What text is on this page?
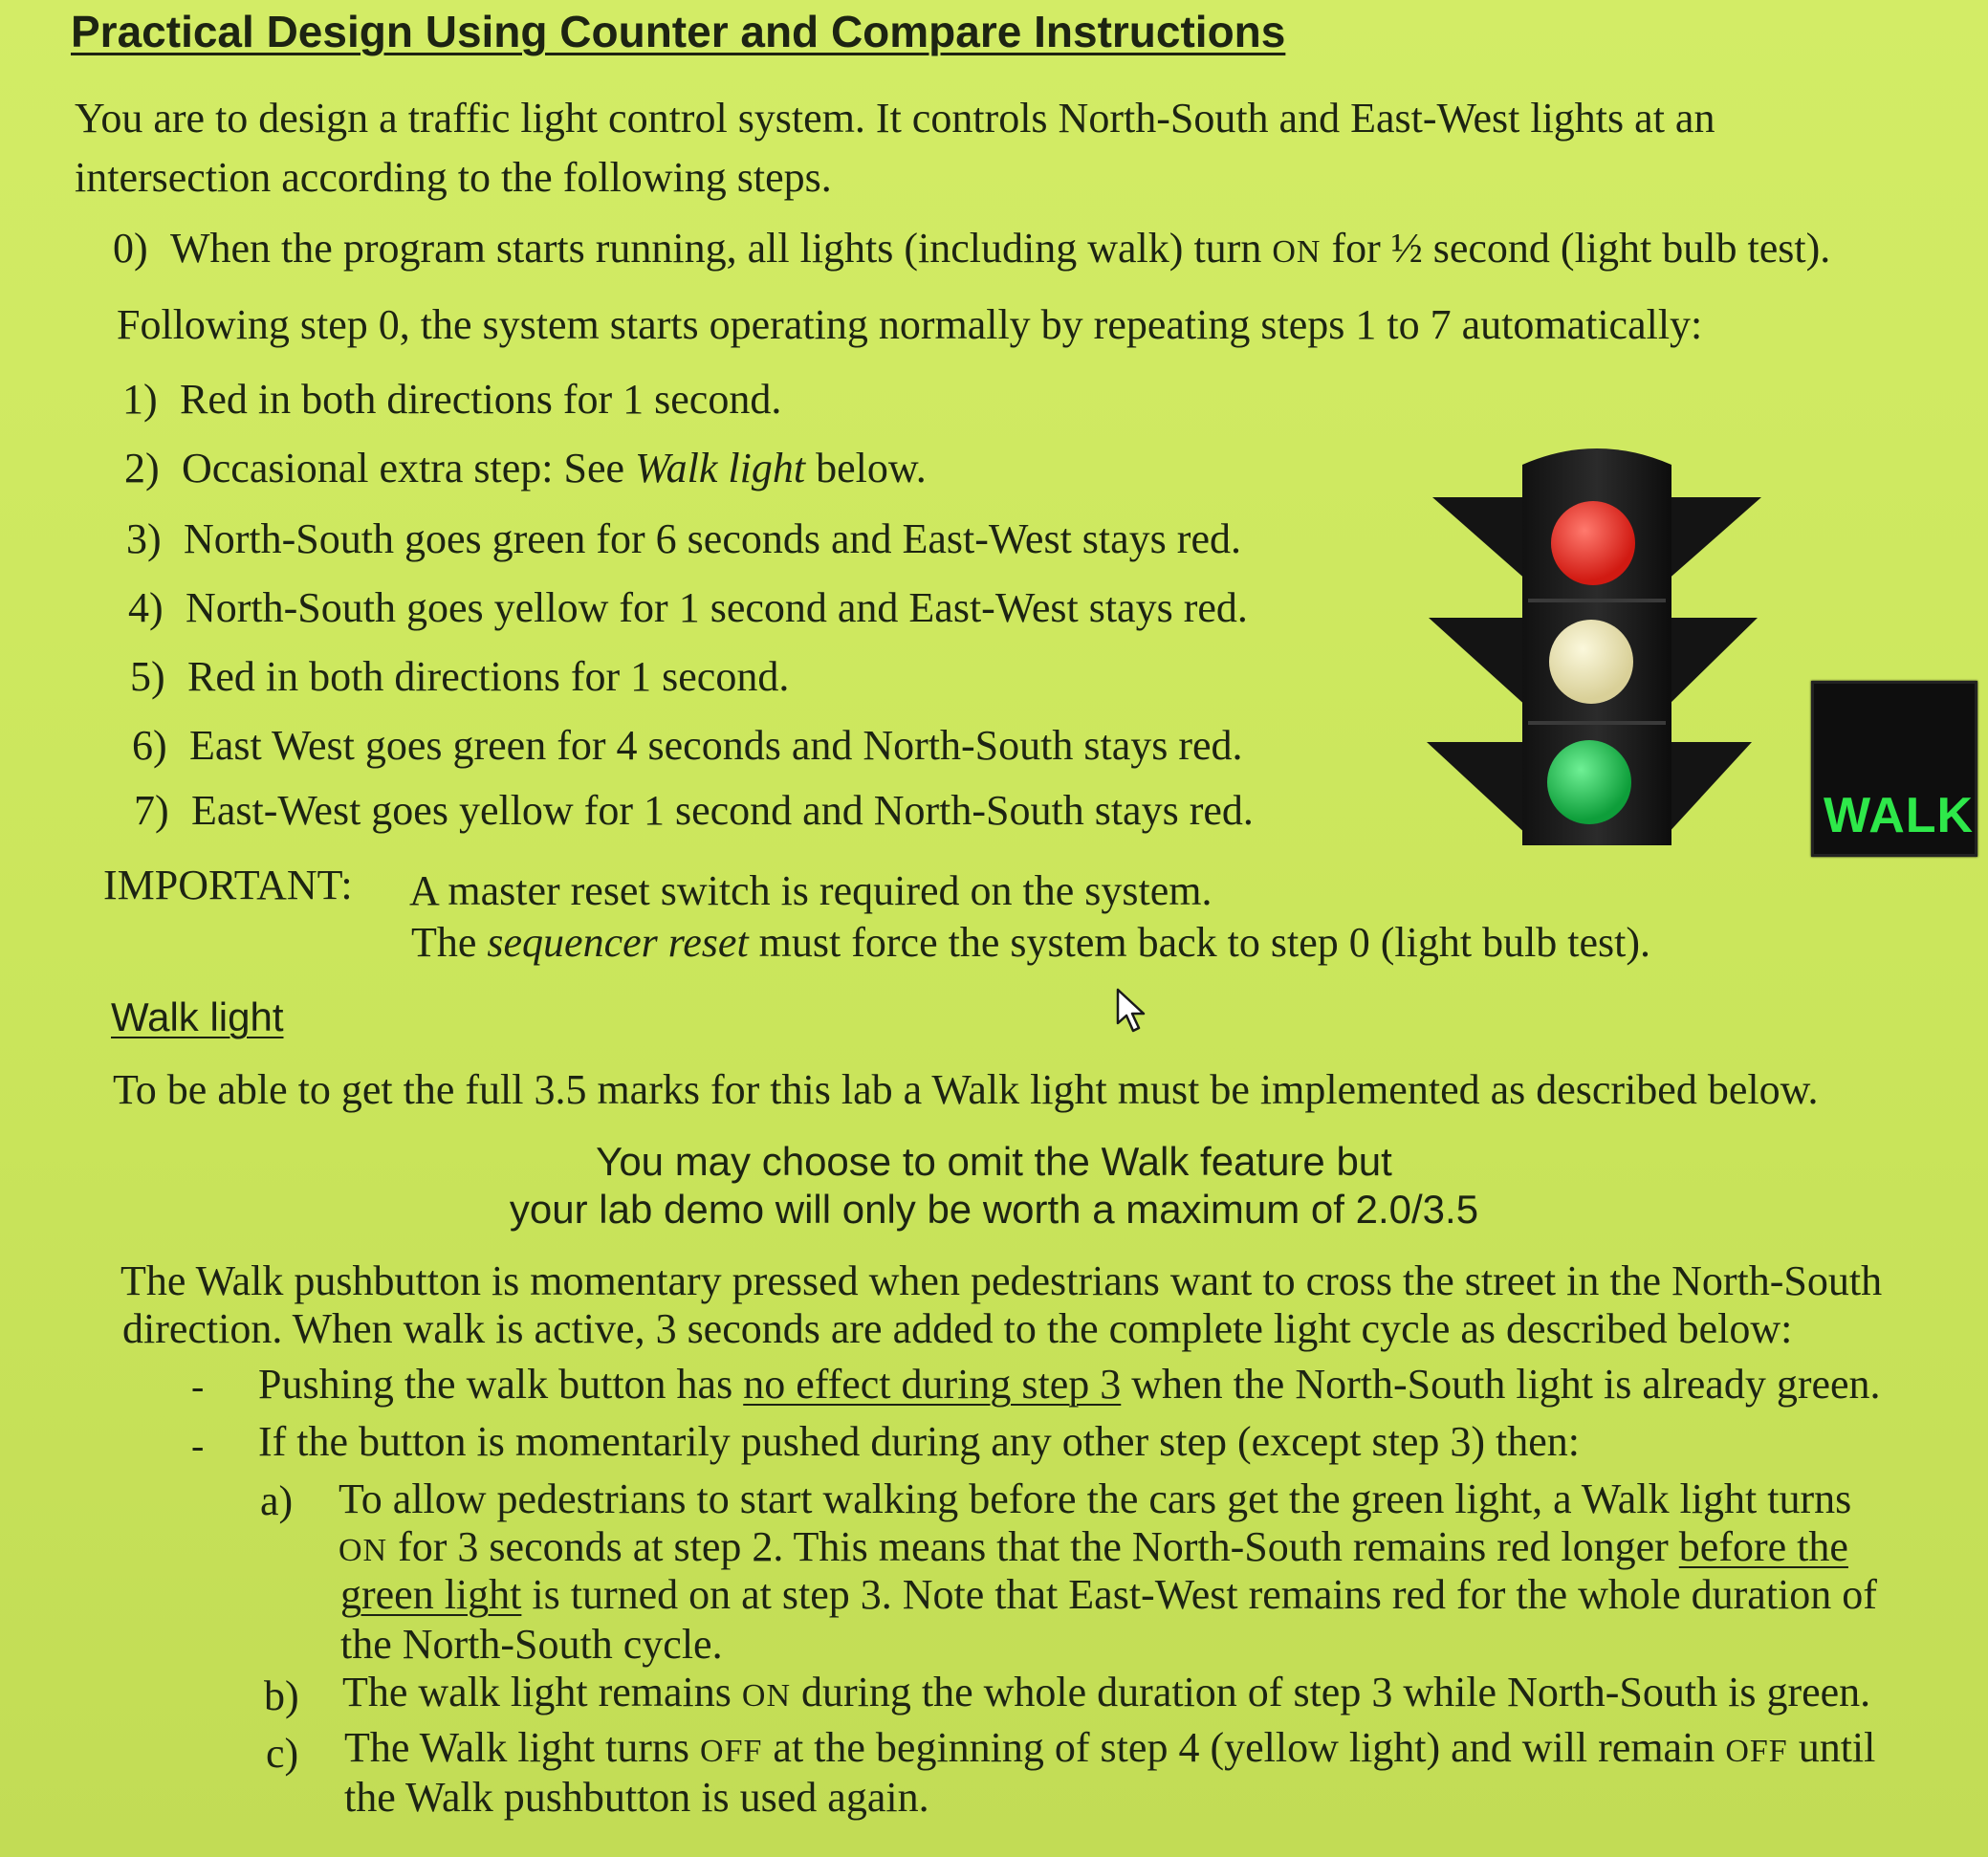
Practical Design Using Counter and Compare Instructions
You are to design a traffic light control system. It controls North-South and East-West lights at an
intersection according to the following steps.
0) When the program starts running, all lights (including walk) turn ON for ½ second (light bulb test).
Following step 0, the system starts operating normally by repeating steps 1 to 7 automatically:
1) Red in both directions for 1 second.
2) Occasional extra step: See Walk light below.
3) North-South goes green for 6 seconds and East-West stays red.
4) North-South goes yellow for 1 second and East-West stays red.
5) Red in both directions for 1 second.
6) East West goes green for 4 seconds and North-South stays red.
7) East-West goes yellow for 1 second and North-South stays red.
IMPORTANT: A master reset switch is required on the system.
The sequencer reset must force the system back to step 0 (light bulb test).
WALK
Walk light
To be able to get the full 3.5 marks for this lab a Walk light must be implemented as described below.
You may choose to omit the Walk feature but
your lab demo will only be worth a maximum of 2.0/3.5
The Walk pushbutton is momentary pressed when pedestrians want to cross the street in the North-South
direction. When walk is active, 3 seconds are added to the complete light cycle as described below:
- Pushing the walk button has no effect during step 3 when the North-South light is already green.
- If the button is momentarily pushed during any other step (except step 3) then:
a) To allow pedestrians to start walking before the cars get the green light, a Walk light turns
ON for 3 seconds at step 2. This means that the North-South remains red longer before the
green light is turned on at step 3. Note that East-West remains red for the whole duration of
the North-South cycle.
b) The walk light remains ON during the whole duration of step 3 while North-South is green.
c) The Walk light turns OFF at the beginning of step 4 (yellow light) and will remain OFF until
the Walk pushbutton is used again.
